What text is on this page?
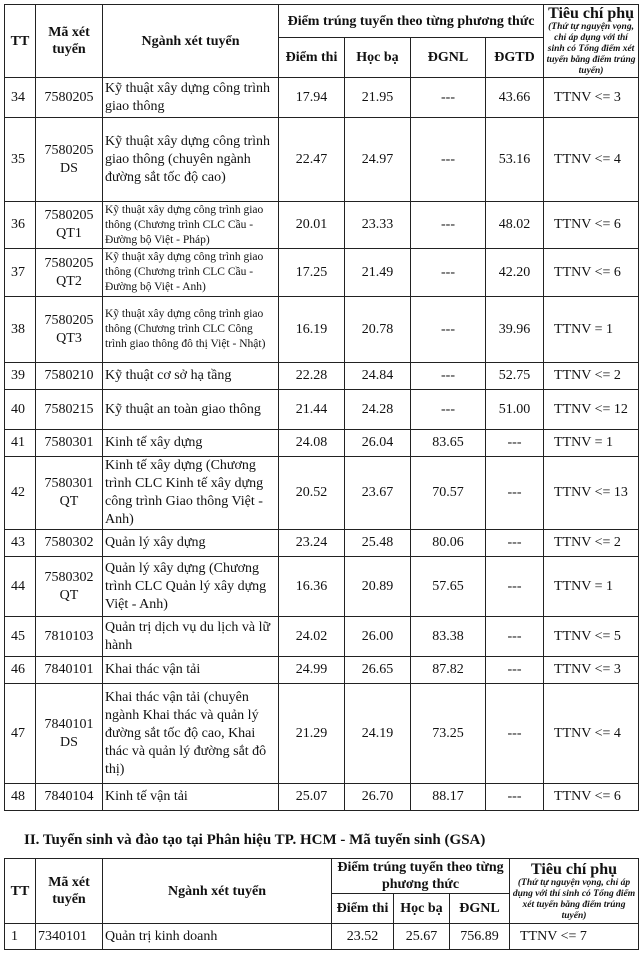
TT	Mã xét tuyển	Ngành xét tuyển	Điểm trúng tuyển theo từng phương thức				Tiêu chí phụ
(Thứ tự nguyện vọng, chỉ áp dụng với thí sinh có Tổng điểm xét tuyển bằng điểm trúng tuyển)

			Điểm thi	Học bạ	ĐGNL	ĐGTD	
34	7580205	Kỹ thuật xây dựng công trình giao thông	17.94	21.95	---	43.66	TTNV <= 3
35	7580205 DS	Kỹ thuật xây dựng công trình giao thông (chuyên ngành đường sắt tốc độ cao)	22.47	24.97	---	53.16	TTNV <= 4
36	7580205 QT1	Kỹ thuật xây dựng công trình giao thông (Chương trình CLC Cầu - Đường bộ Việt - Pháp)	20.01	23.33	---	48.02	TTNV <= 6
37	7580205 QT2	Kỹ thuật xây dựng công trình giao thông (Chương trình CLC Cầu - Đường bộ Việt - Anh)	17.25	21.49	---	42.20	TTNV <= 6
38	7580205 QT3	Kỹ thuật xây dựng công trình giao thông (Chương trình CLC Công trình giao thông đô thị Việt - Nhật)	16.19	20.78	---	39.96	TTNV = 1
39	7580210	Kỹ thuật cơ sở hạ tầng	22.28	24.84	---	52.75	TTNV <= 2
40	7580215	Kỹ thuật an toàn giao thông	21.44	24.28	---	51.00	TTNV <= 12
41	7580301	Kinh tế xây dựng	24.08	26.04	83.65	---	TTNV = 1
42	7580301 QT	Kinh tế xây dựng (Chương trình CLC Kinh tế xây dựng công trình Giao thông Việt - Anh)	20.52	23.67	70.57	---	TTNV <= 13
43	7580302	Quản lý xây dựng	23.24	25.48	80.06	---	TTNV <= 2
44	7580302 QT	Quản lý xây dựng (Chương trình CLC Quản lý xây dựng Việt - Anh)	16.36	20.89	57.65	---	TTNV = 1
45	7810103	Quản trị dịch vụ du lịch và lữ hành	24.02	26.00	83.38	---	TTNV <= 5
46	7840101	Khai thác vận tải	24.99	26.65	87.82	---	TTNV <= 3
47	7840101 DS	Khai thác vận tải (chuyên ngành Khai thác và quản lý đường sắt tốc độ cao, Khai thác và quản lý đường sắt đô thị)	21.29	24.19	73.25	---	TTNV <= 4
48	7840104	Kinh tế vận tải	25.07	26.70	88.17	---	TTNV <= 6
II. Tuyển sinh và đào tạo tại Phân hiệu TP. HCM - Mã tuyển sinh (GSA)
TT	Mã xét tuyển	Ngành xét tuyển	Điểm trúng tuyển theo từng phương thức			Tiêu chí phụ
(Thứ tự nguyện vọng, chỉ áp dụng với thí sinh có Tổng điểm xét tuyển bằng điểm trúng tuyển)

			Điểm thi	Học bạ	ĐGNL	
1	7340101	Quản trị kinh doanh	23.52	25.67	756.89	TTNV <= 7
